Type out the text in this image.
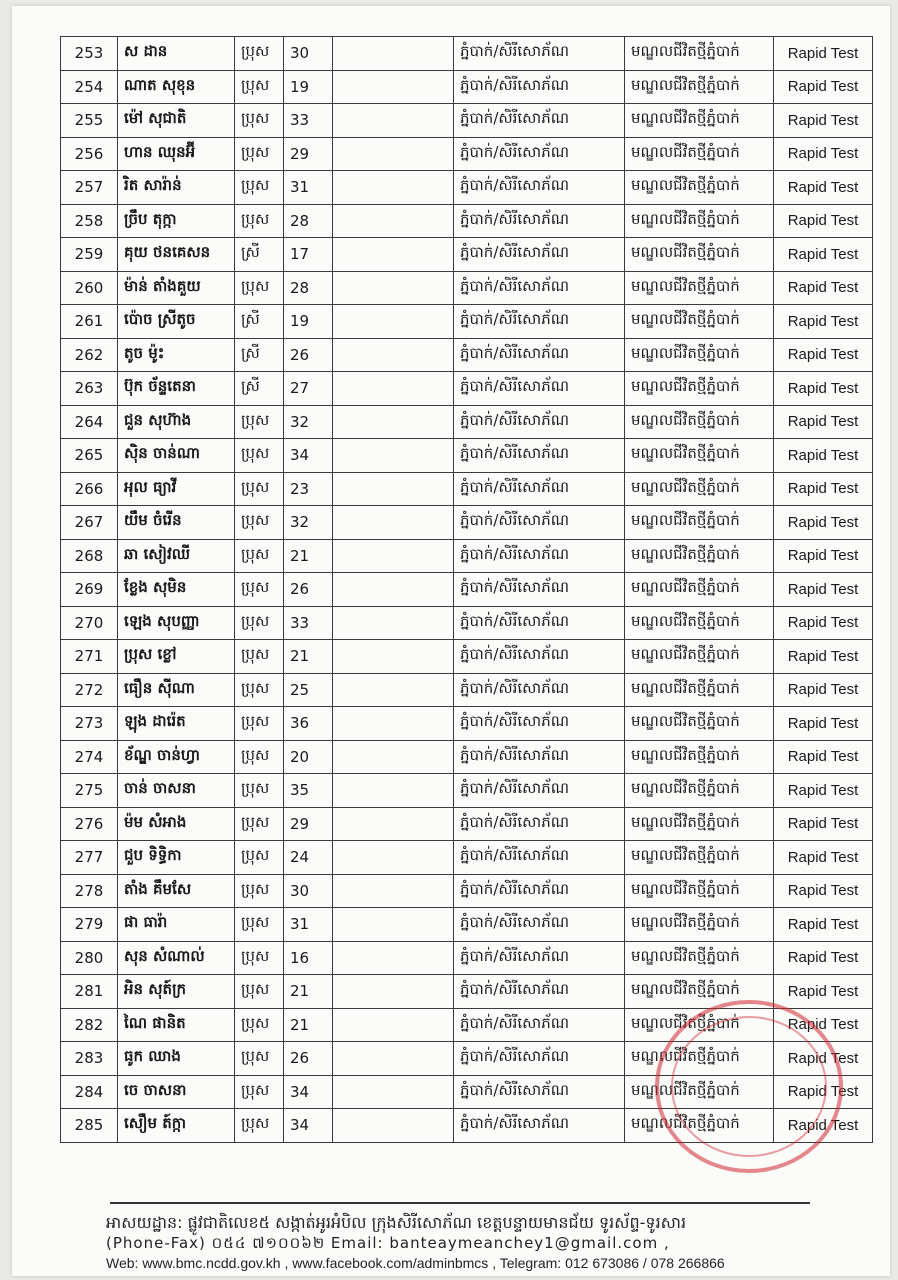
253	ស ដាន	ប្រុស	30		ភ្នំបាក់/សិរីសោភ័ណ	មណ្ឌលជីវិតថ្មីភ្នំបាក់	Rapid Test
254	ណាត សុខុន	ប្រុស	19		ភ្នំបាក់/សិរីសោភ័ណ	មណ្ឌលជីវិតថ្មីភ្នំបាក់	Rapid Test
255	ម៉ៅ សុជាតិ	ប្រុស	33		ភ្នំបាក់/សិរីសោភ័ណ	មណ្ឌលជីវិតថ្មីភ្នំបាក់	Rapid Test
256	ហាន ឈុនអ៊ី	ប្រុស	29		ភ្នំបាក់/សិរីសោភ័ណ	មណ្ឌលជីវិតថ្មីភ្នំបាក់	Rapid Test
257	រិត សារ៉ាន់	ប្រុស	31		ភ្នំបាក់/សិរីសោភ័ណ	មណ្ឌលជីវិតថ្មីភ្នំបាក់	Rapid Test
258	ច្រឹប តុក្កា	ប្រុស	28		ភ្នំបាក់/សិរីសោភ័ណ	មណ្ឌលជីវិតថ្មីភ្នំបាក់	Rapid Test
259	គុយ ថនគេសន	ស្រី	17		ភ្នំបាក់/សិរីសោភ័ណ	មណ្ឌលជីវិតថ្មីភ្នំបាក់	Rapid Test
260	ម៉ាន់ តាំងគួយ	ប្រុស	28		ភ្នំបាក់/សិរីសោភ័ណ	មណ្ឌលជីវិតថ្មីភ្នំបាក់	Rapid Test
261	ប៉ោច ស្រីតូច	ស្រី	19		ភ្នំបាក់/សិរីសោភ័ណ	មណ្ឌលជីវិតថ្មីភ្នំបាក់	Rapid Test
262	តូច ម៉ូះ	ស្រី	26		ភ្នំបាក់/សិរីសោភ័ណ	មណ្ឌលជីវិតថ្មីភ្នំបាក់	Rapid Test
263	ប៊ុក ច័ន្ទតេនា	ស្រី	27		ភ្នំបាក់/សិរីសោភ័ណ	មណ្ឌលជីវិតថ្មីភ្នំបាក់	Rapid Test
264	ជួន សុហ៊ាង	ប្រុស	32		ភ្នំបាក់/សិរីសោភ័ណ	មណ្ឌលជីវិតថ្មីភ្នំបាក់	Rapid Test
265	ស៊ិន ចាន់ណា	ប្រុស	34		ភ្នំបាក់/សិរីសោភ័ណ	មណ្ឌលជីវិតថ្មីភ្នំបាក់	Rapid Test
266	អុល ធ្យាវី	ប្រុស	23		ភ្នំបាក់/សិរីសោភ័ណ	មណ្ឌលជីវិតថ្មីភ្នំបាក់	Rapid Test
267	យឹម ចំរើន	ប្រុស	32		ភ្នំបាក់/សិរីសោភ័ណ	មណ្ឌលជីវិតថ្មីភ្នំបាក់	Rapid Test
268	ឆា សៀវឈី	ប្រុស	21		ភ្នំបាក់/សិរីសោភ័ណ	មណ្ឌលជីវិតថ្មីភ្នំបាក់	Rapid Test
269	ខ្លែង សុមិន	ប្រុស	26		ភ្នំបាក់/សិរីសោភ័ណ	មណ្ឌលជីវិតថ្មីភ្នំបាក់	Rapid Test
270	ឡេង សុបញ្ញា	ប្រុស	33		ភ្នំបាក់/សិរីសោភ័ណ	មណ្ឌលជីវិតថ្មីភ្នំបាក់	Rapid Test
271	ប្រុស ខ្លៅ	ប្រុស	21		ភ្នំបាក់/សិរីសោភ័ណ	មណ្ឌលជីវិតថ្មីភ្នំបាក់	Rapid Test
272	ធឿន ស៊ីណា	ប្រុស	25		ភ្នំបាក់/សិរីសោភ័ណ	មណ្ឌលជីវិតថ្មីភ្នំបាក់	Rapid Test
273	ឡុង ដារ៉េត	ប្រុស	36		ភ្នំបាក់/សិរីសោភ័ណ	មណ្ឌលជីវិតថ្មីភ្នំបាក់	Rapid Test
274	ខ័ណ្ឌ ចាន់ហ្វា	ប្រុស	20		ភ្នំបាក់/សិរីសោភ័ណ	មណ្ឌលជីវិតថ្មីភ្នំបាក់	Rapid Test
275	ចាន់ ចាសនា	ប្រុស	35		ភ្នំបាក់/សិរីសោភ័ណ	មណ្ឌលជីវិតថ្មីភ្នំបាក់	Rapid Test
276	ម៉ម សំអាង	ប្រុស	29		ភ្នំបាក់/សិរីសោភ័ណ	មណ្ឌលជីវិតថ្មីភ្នំបាក់	Rapid Test
277	ជួប ទិទ្ធិកា	ប្រុស	24		ភ្នំបាក់/សិរីសោភ័ណ	មណ្ឌលជីវិតថ្មីភ្នំបាក់	Rapid Test
278	តាំង គឹមសែ	ប្រុស	30		ភ្នំបាក់/សិរីសោភ័ណ	មណ្ឌលជីវិតថ្មីភ្នំបាក់	Rapid Test
279	ផា ធារ៉ា	ប្រុស	31		ភ្នំបាក់/សិរីសោភ័ណ	មណ្ឌលជីវិតថ្មីភ្នំបាក់	Rapid Test
280	សុន សំណាល់	ប្រុស	16		ភ្នំបាក់/សិរីសោភ័ណ	មណ្ឌលជីវិតថ្មីភ្នំបាក់	Rapid Test
281	អិន សុត៍ក្រ	ប្រុស	21		ភ្នំបាក់/សិរីសោភ័ណ	មណ្ឌលជីវិតថ្មីភ្នំបាក់	Rapid Test
282	ណៃ ផានិត	ប្រុស	21		ភ្នំបាក់/សិរីសោភ័ណ	មណ្ឌលជីវិតថ្មីភ្នំបាក់	Rapid Test
283	ធូក ឈាង	ប្រុស	26		ភ្នំបាក់/សិរីសោភ័ណ	មណ្ឌលជីវិតថ្មីភ្នំបាក់	Rapid Test
284	ចេ ចាសនា	ប្រុស	34		ភ្នំបាក់/សិរីសោភ័ណ	មណ្ឌលជីវិតថ្មីភ្នំបាក់	Rapid Test
285	សឿម ត៍ក្កា	ប្រុស	34		ភ្នំបាក់/សិរីសោភ័ណ	មណ្ឌលជីវិតថ្មីភ្នំបាក់	Rapid Test
អាសយដ្ឋាន: ផ្លូវជាតិលេខ៥ សង្កាត់អូរអំបិល ក្រុងសិរីសោភ័ណ ខេត្តបន្ទាយមានជ័យ ទូរស័ព្ទ-ទូរសារ
(Phone-Fax) ០៥៤ ៧១០០៦២ Email: banteaymeanchey1@gmail.com ,
Web: www.bmc.ncdd.gov.kh , www.facebook.com/adminbmcs , Telegram: 012 673086 / 078 266866
